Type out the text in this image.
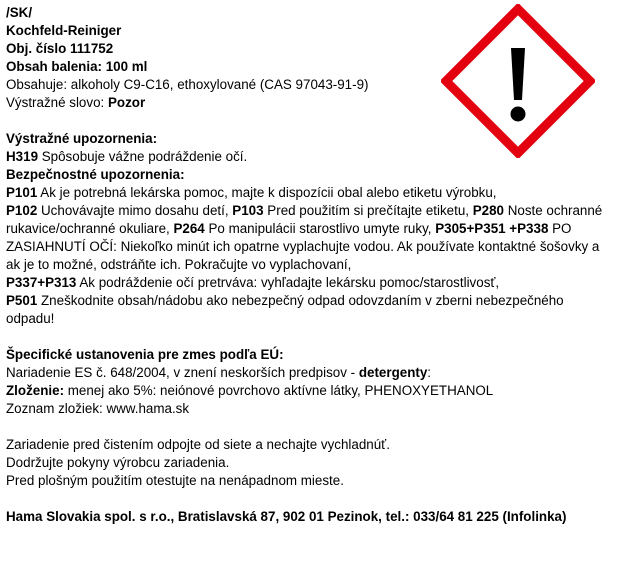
/SK/
Kochfeld-Reiniger
Obj. číslo 111752
Obsah balenia: 100 ml
Obsahuje: alkoholy C9-C16, ethoxylované (CAS 97043-91-9)
Výstražné slovo: Pozor
Výstražné upozornenia:
H319 Spôsobuje vážne podráždenie očí.
Bezpečnostné upozornenia:
P101 Ak je potrebná lekárska pomoc, majte k dispozícii obal alebo etiketu výrobku,
P102 Uchovávajte mimo dosahu detí, P103 Pred použitím si prečítajte etiketu, P280 Noste ochranné rukavice/ochranné okuliare, P264 Po manipulácii starostlivo umyte ruky, P305+P351 +P338 PO ZASIAHNUTÍ OČÍ: Niekoľko minút ich opatrne vyplachujte vodou. Ak používate kontaktné šošovky a ak je to možné, odstráňte ich. Pokračujte vo vyplachovaní,
P337+P313 Ak podráždenie očí pretrváva: vyhľadajte lekársku pomoc/starostlivosť,
P501 Zneškodnite obsah/nádobu ako nebezpečný odpad odovzdaním v zberni nebezpečného odpadu!
Špecifické ustanovenia pre zmes podľa EÚ:
Nariadenie ES č. 648/2004, v znení neskorších predpisov - detergenty:
Zloženie: menej ako 5%: neiónové povrchovo aktívne látky, PHENOXYETHANOL
Zoznam zložiek: www.hama.sk
Zariadenie pred čistením odpojte od siete a nechajte vychladnúť.
Dodržujte pokyny výrobcu zariadenia.
Pred plošným použitím otestujte na nenápadnom mieste.
Hama Slovakia spol. s r.o., Bratislavská 87, 902 01 Pezinok, tel.: 033/64 81 225 (Infolinka)
